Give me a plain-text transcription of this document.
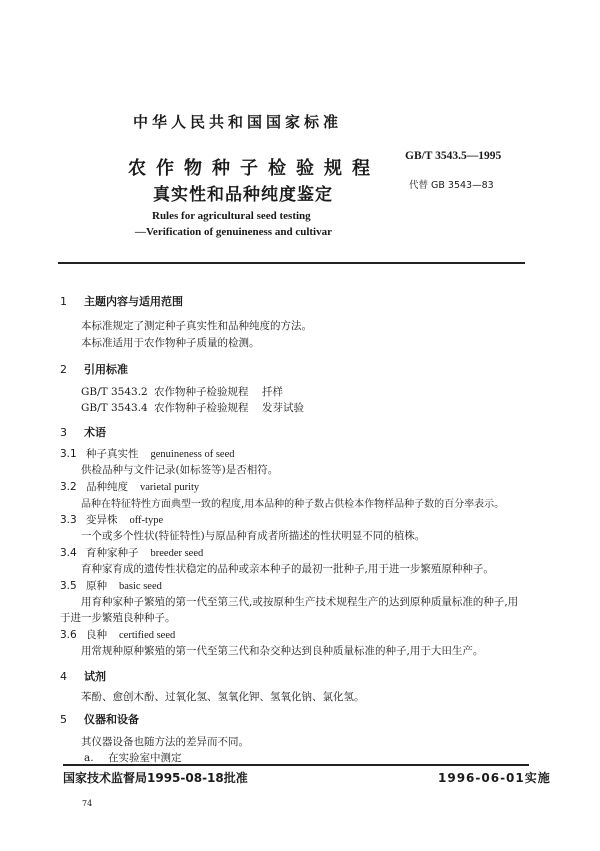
中华人民共和国国家标准
农作物种子检验规程
真实性和品种纯度鉴定
Rules for agricultural seed testing
—Verification of genuineness and cultivar
GB/T 3543.5—1995
代替 GB 3543—83
1 主题内容与适用范围
本标准规定了测定种子真实性和品种纯度的方法。
本标准适用于农作物种子质量的检测。
2 引用标准
GB/T 3543.2 农作物种子检验规程 扦样
GB/T 3543.4 农作物种子检验规程 发芽试验
3 术语
3.1 种子真实性 genuineness of seed
供检品种与文件记录(如标签等)是否相符。
3.2 品种纯度 varietal purity
品种在特征特性方面典型一致的程度,用本品种的种子数占供检本作物样品种子数的百分率表示。
3.3 变异株 off-type
一个或多个性状(特征特性)与原品种育成者所描述的性状明显不同的植株。
3.4 育种家种子 breeder seed
育种家育成的遗传性状稳定的品种或亲本种子的最初一批种子,用于进一步繁殖原种种子。
3.5 原种 basic seed
用育种家种子繁殖的第一代至第三代,或按原种生产技术规程生产的达到原种质量标准的种子,用
于进一步繁殖良种种子。
3.6 良种 certified seed
用常规种原种繁殖的第一代至第三代和杂交种达到良种质量标准的种子,用于大田生产。
4 试剂
苯酚、愈创木酚、过氧化氢、氢氧化钾、氢氧化钠、氯化氢。
5 仪器和设备
其仪器设备也随方法的差异而不同。
a. 在实验室中测定
国家技术监督局1995-08-18批准	1996-06-01实施
74
